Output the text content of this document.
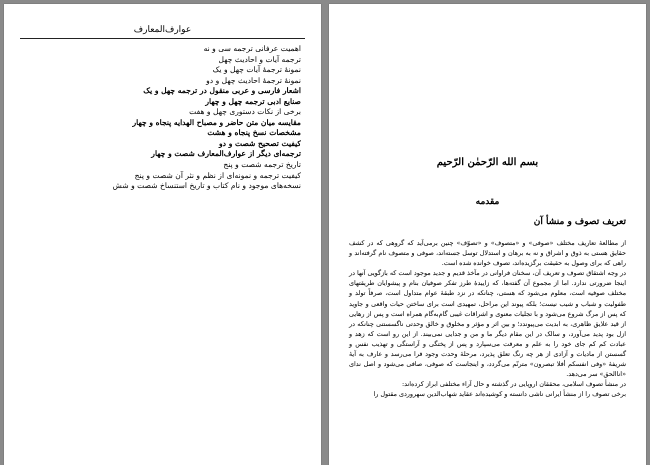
عوارف‌المعارف
اهمیت عرفانی ترجمه سی و نه
ترجمه آیات و احادیث چهل
نمونهٔ ترجمهٔ آیات چهل و یک
نمونهٔ ترجمهٔ احادیث چهل و دو
اشعار فارسی و عربی منقول در ترجمه چهل و یک
صنایع ادبی ترجمه چهل و چهار
برخی از نکات دستوری چهل و هفت
مقایسه میان متن حاضر و مصباح الهدایه پنجاه و چهار
مشخصات نسخ پنجاه و هشت
کیفیت تصحیح شصت و دو
ترجمه‌ای دیگر از عوارف‌المعارف شصت و چهار
تاریخ ترجمه شصت و پنج
کیفیت ترجمه و نمونه‌ای از نظم و نثر آن شصت و پنج
نسخه‌های موجود و نام کتاب و تاریخ استنساخ شصت و شش
بسم الله الرّحمٰن الرّحیم
مقدمه
تعریف تصوف و منشأ آن

از مطالعهٔ تعاریف مختلف «صوفی» و «متصوف» و «تصوّف» چنین برمی‌آید که گروهی که در کشف حقایق هستی به ذوق و اشراق و نه به برهان و استدلال توسل جسته‌اند، صوفی و متصوف نام گرفته‌اند و راهی که برای وصول به حقیقت برگزیده‌اند، تصوف خوانده شده است.

در وجه اشتقاق تصوف و تعریف آن، سخنان فراوانی در مآخذ قدیم و جدید موجود است که بازگویی آنها در اینجا ضرورتی ندارد. اما از مجموع آن گفته‌ها، که زاییدهٔ طرز تفکر صوفیان بنام و پیشوایان طریقتهای مختلف صوفیه است، معلوم می‌شود که هستی، چنانکه در نزد طبقهٔ عوام متداول است، صرفاً تولد و طفولیت و شباب و شیب نیست؛ بلکه پیوند این مراحل، تمهیدی است برای ساختن حیات واقعی و جاوید که پس از مرگ شروع می‌شود و با تجلیات معنوی و اشراقات غیبی گام‌به‌گام همراه است و پس از رهایی از قید علایق ظاهری، به ابدیت می‌پیوندد؛ و بین اثر و مؤثر و مخلوق و خالق وحدتی ناگسستنی چنانکه در ازل بود پدید می‌آورد، و سالک در این مقام دیگر ما و من و جدایی نمی‌بیند. از این رو است که زهد و عبادت کم کم جای خود را به علم و معرفت می‌سپارد و پس از پختگی و آراستگی و تهذیب نفس و گسستن از مادیات و آزادی از هر چه رنگ تعلق پذیرد، مرحلهٔ وحدت وجود فرا می‌رسد و عارف به آیهٔ شریفهٔ «وفی انفسکم أفلا تبصرون» مترنّم می‌گردد، و اینجاست که صوفی، صافی می‌شود و اصل ندای «اناالحق» سر می‌دهد.

در منشأ تصوف اسلامی، محققان اروپایی در گذشته و حال آراء مختلفی ابراز کرده‌اند:

برخی تصوف را از منشأ ایرانی ناشی دانسته و کوشیده‌اند عقاید شهاب‌الدین سهروردی مقتول را
